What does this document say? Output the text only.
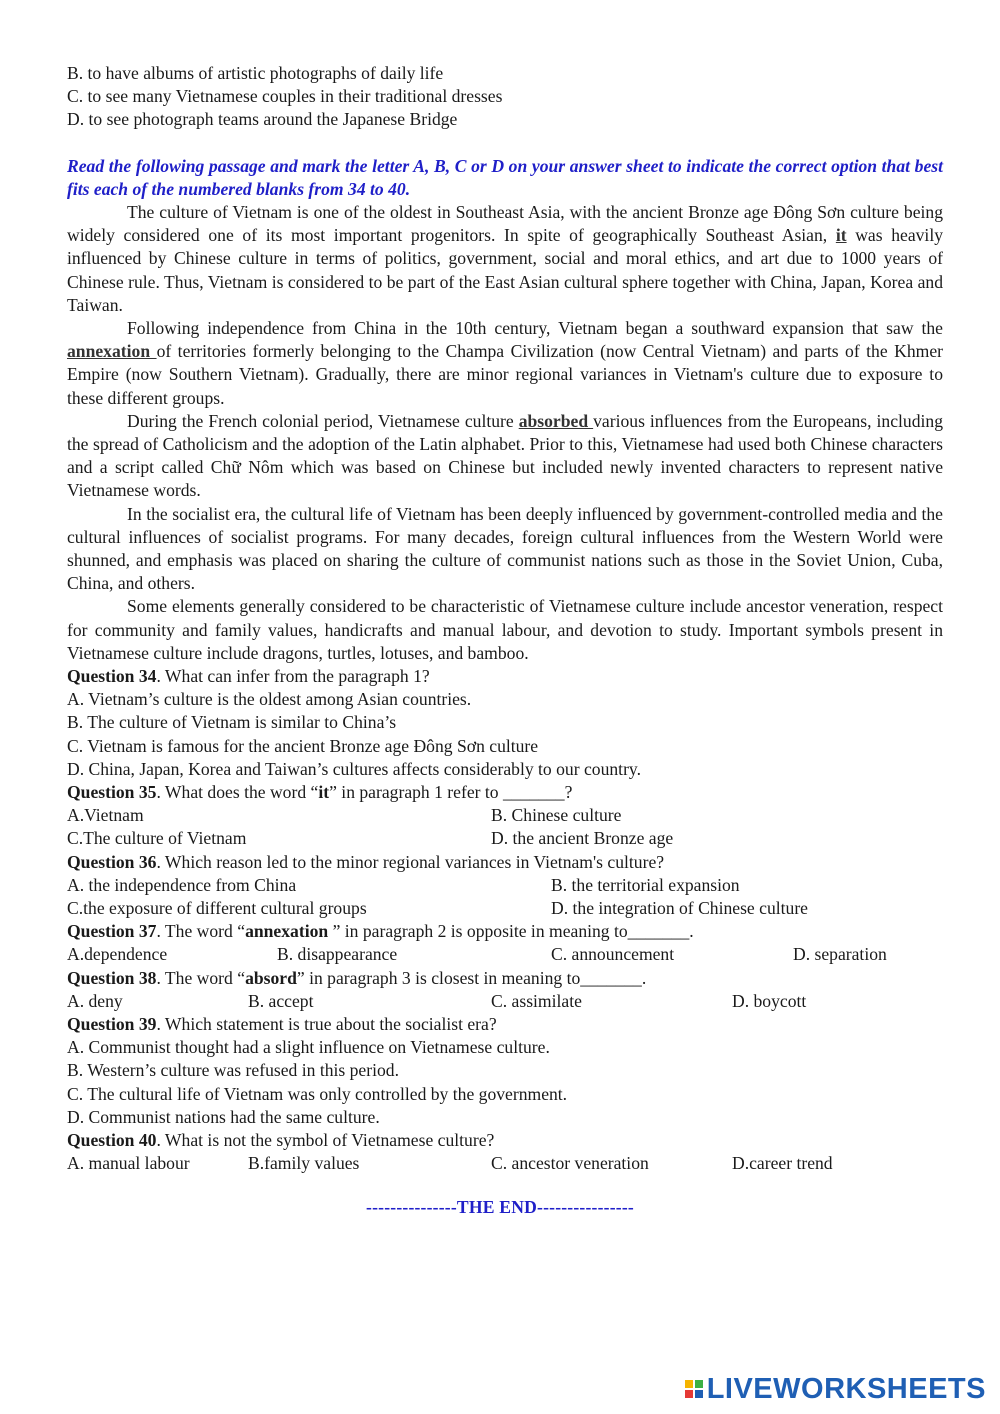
B. to have albums of artistic photographs of daily life

C. to see many Vietnamese couples in their traditional dresses

D. to see photograph teams around the Japanese Bridge

Read the following passage and mark the letter A, B, C or D on your answer sheet to indicate the correct option that best fits each of the numbered blanks from 34 to 40.

The culture of Vietnam is one of the oldest in Southeast Asia, with the ancient Bronze age Đông Sơn culture being widely considered one of its most important progenitors. In spite of geographically Southeast Asian, it was heavily influenced by Chinese culture in terms of politics, government, social and moral ethics, and art due to 1000 years of Chinese rule. Thus, Vietnam is considered to be part of the East Asian cultural sphere together with China, Japan, Korea and Taiwan.

Following independence from China in the 10th century, Vietnam began a southward expansion that saw the annexation of territories formerly belonging to the Champa Civilization (now Central Vietnam) and parts of the Khmer Empire (now Southern Vietnam). Gradually, there are minor regional variances in Vietnam's culture due to exposure to these different groups.

During the French colonial period, Vietnamese culture absorbed various influences from the Europeans, including the spread of Catholicism and the adoption of the Latin alphabet. Prior to this, Vietnamese had used both Chinese characters and a script called Chữ Nôm which was based on Chinese but included newly invented characters to represent native Vietnamese words.

In the socialist era, the cultural life of Vietnam has been deeply influenced by government-controlled media and the cultural influences of socialist programs. For many decades, foreign cultural influences from the Western World were shunned, and emphasis was placed on sharing the culture of communist nations such as those in the Soviet Union, Cuba, China, and others.

Some elements generally considered to be characteristic of Vietnamese culture include ancestor veneration, respect for community and family values, handicrafts and manual labour, and devotion to study. Important symbols present in Vietnamese culture include dragons, turtles, lotuses, and bamboo.

Question 34. What can infer from the paragraph 1?

A. Vietnam’s culture is the oldest among Asian countries.

B. The culture of Vietnam is similar to China’s

C. Vietnam is famous for the ancient Bronze age Đông Sơn culture

D. China, Japan, Korea and Taiwan’s cultures affects considerably to our country.

Question 35. What does the word “it” in paragraph 1 refer to _______?

A.Vietnam	B. Chinese culture
C.The culture of Vietnam	D. the ancient Bronze age

Question 36. Which reason led to the minor regional variances in Vietnam's culture?

A. the independence from China	B. the territorial expansion
C.the exposure of different cultural groups	D. the integration of Chinese culture

Question 37. The word “annexation ” in paragraph 2 is opposite in meaning to_______.

A.dependence	B. disappearance	C. announcement	D. separation

Question 38. The word “absord” in paragraph 3 is closest in meaning to_______.

A. deny	B. accept	C. assimilate	D. boycott

Question 39. Which statement is true about the socialist era?

A. Communist thought had a slight influence on Vietnamese culture.

B. Western’s culture was refused in this period.

C. The cultural life of Vietnam was only controlled by the government.

D. Communist nations had the same culture.

Question 40. What is not the symbol of Vietnamese culture?

A. manual labour	B.family values	C. ancestor veneration	D.career trend
---------------THE END----------------
LIVEWORKSHEETS
